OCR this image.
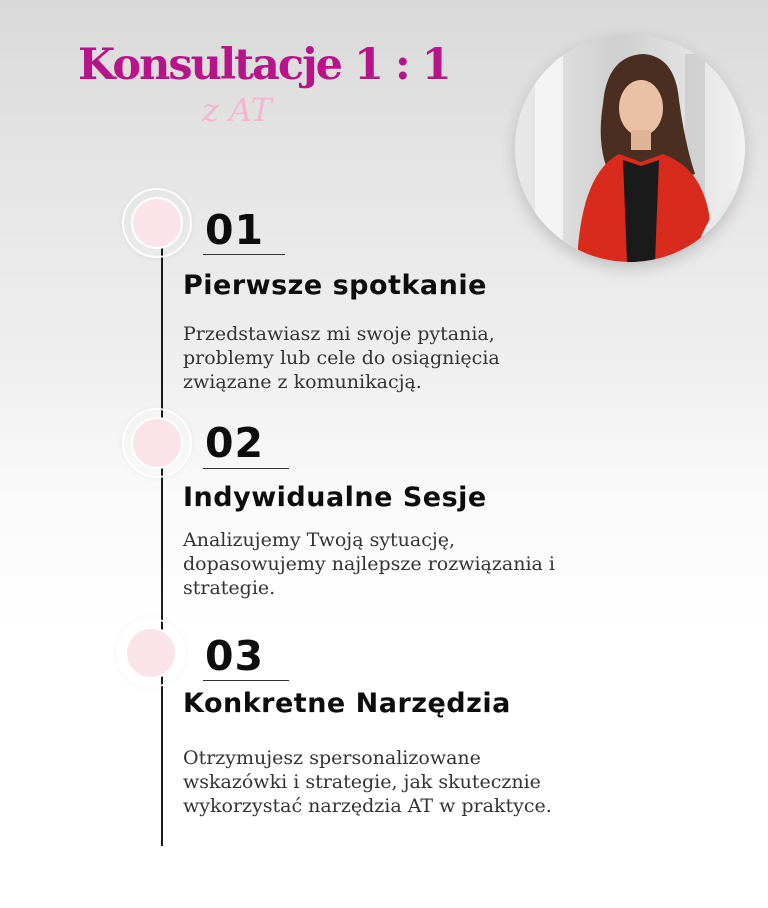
Konsultacje 1 : 1
z AT
01
Pierwsze spotkanie
Przedstawiasz mi swoje pytania, problemy lub cele do osiągnięcia związane z komunikacją.
02
Indywidualne Sesje
Analizujemy Twoją sytuację, dopasowujemy najlepsze rozwiązania i strategie.
03
Konkretne Narzędzia
Otrzymujesz spersonalizowane wskazówki i strategie, jak skutecznie wykorzystać narzędzia AT w praktyce.
